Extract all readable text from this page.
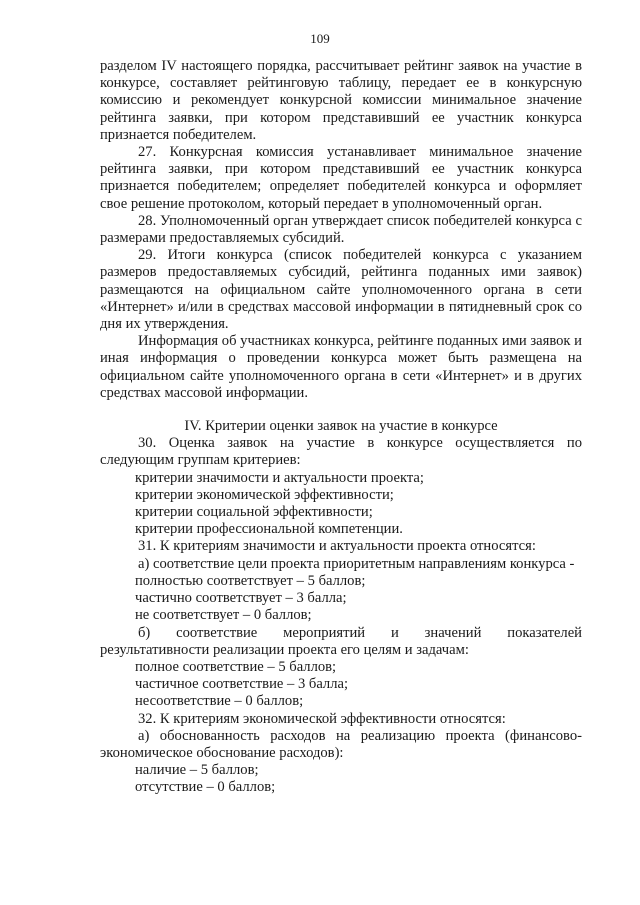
109

разделом IV настоящего порядка, рассчитывает рейтинг заявок на участие в конкурсе, составляет рейтинговую таблицу, передает ее в конкурсную комиссию и рекомендует конкурсной комиссии минимальное значение рейтинга заявки, при котором представивший ее участник конкурса признается победителем.

27. Конкурсная комиссия устанавливает минимальное значение рейтинга заявки, при котором представивший ее участник конкурса признается победителем; определяет победителей конкурса и оформляет свое решение протоколом, который передает в уполномоченный орган.

28. Уполномоченный орган утверждает список победителей конкурса с размерами предоставляемых субсидий.

29. Итоги конкурса (список победителей конкурса с указанием размеров предоставляемых субсидий, рейтинга поданных ими заявок) размещаются на официальном сайте уполномоченного органа в сети «Интернет» и/или в средствах массовой информации в пятидневный срок со дня их утверждения.

Информация об участниках конкурса, рейтинге поданных ими заявок и иная информация о проведении конкурса может быть размещена на официальном сайте уполномоченного органа в сети «Интернет» и в других средствах массовой информации.

IV. Критерии оценки заявок на участие в конкурсе

30. Оценка заявок на участие в конкурсе осуществляется по следующим группам критериев:

критерии значимости и актуальности проекта;

критерии экономической эффективности;

критерии социальной эффективности;

критерии профессиональной компетенции.

31. К критериям значимости и актуальности проекта относятся:

а) соответствие цели проекта приоритетным направлениям конкурса -

полностью соответствует – 5 баллов;

частично соответствует – 3 балла;

не соответствует – 0 баллов;

б) соответствие мероприятий и значений показателей результативности реализации проекта его целям и задачам:

полное соответствие – 5 баллов;

частичное соответствие – 3 балла;

несоответствие – 0 баллов;

32. К критериям экономической эффективности относятся:

а) обоснованность расходов на реализацию проекта (финансово-экономическое обоснование расходов):

наличие – 5 баллов;

отсутствие – 0 баллов;
